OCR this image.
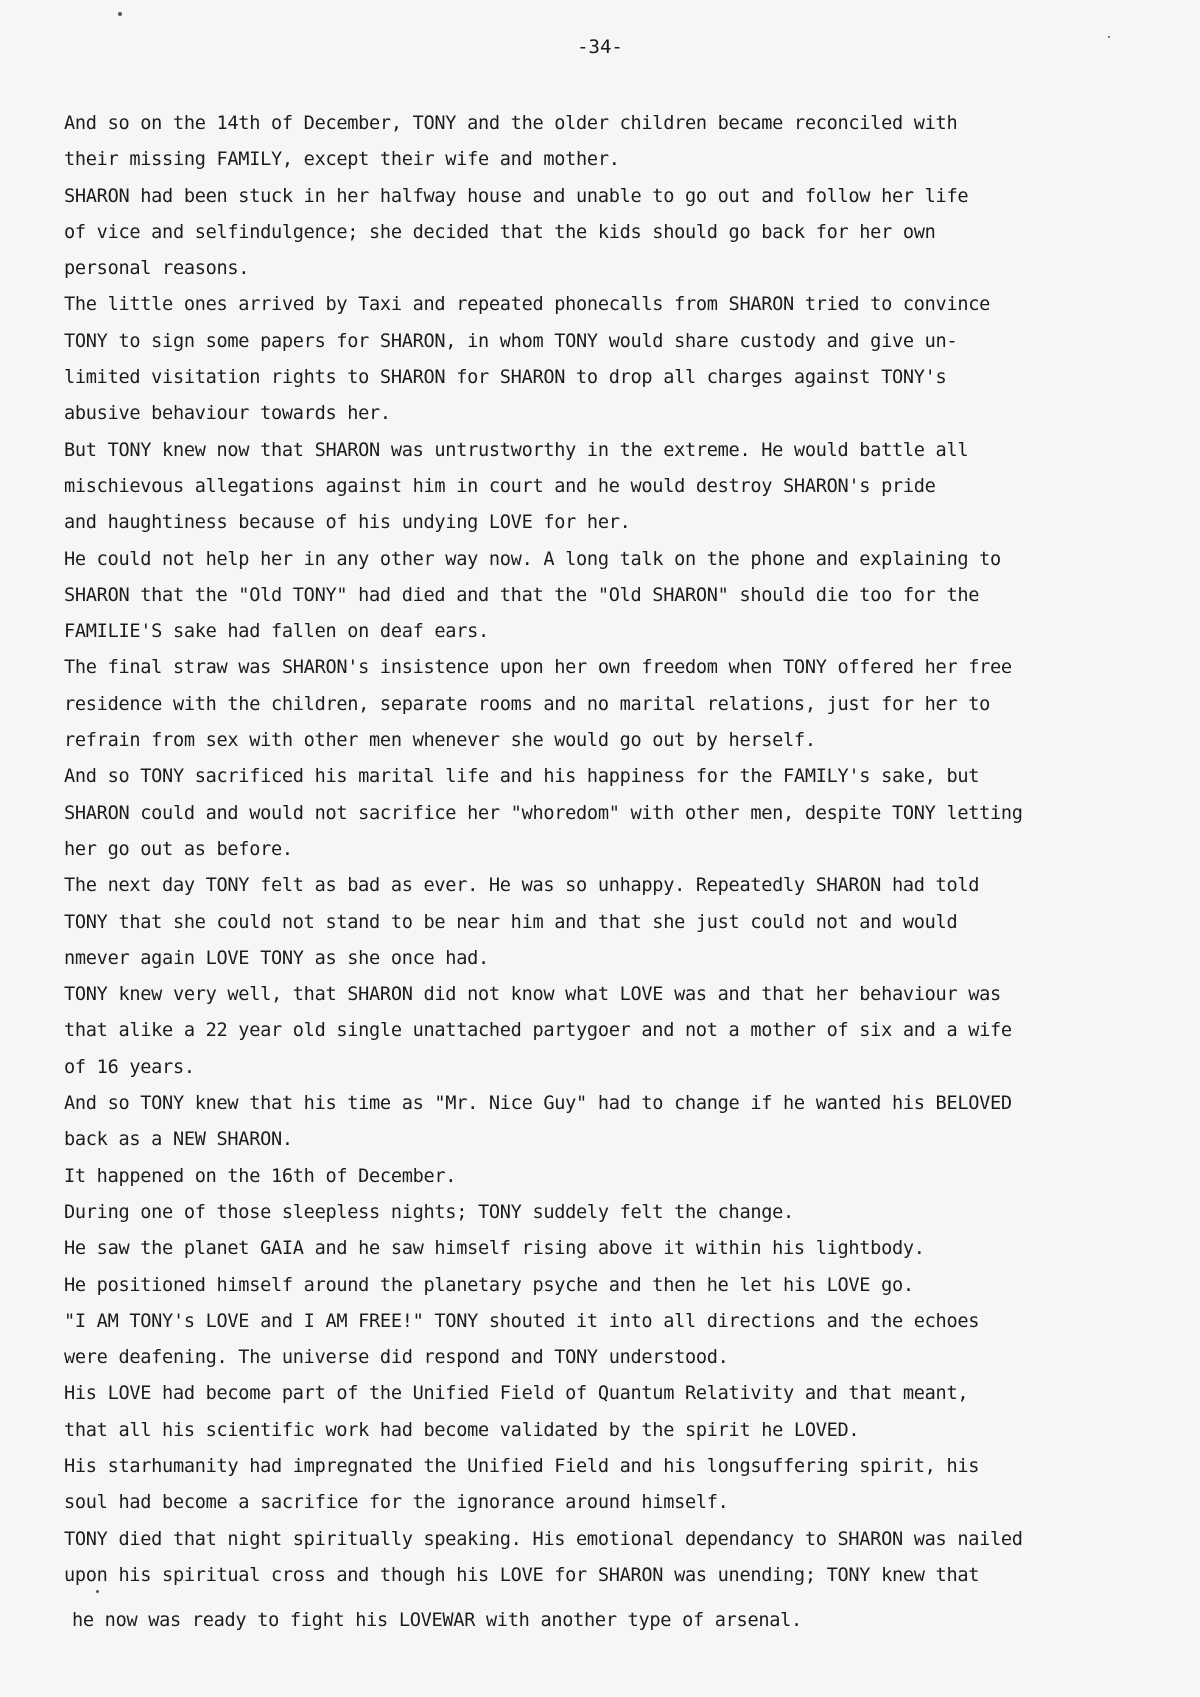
-34-
And so on the 14th of December, TONY and the older children became reconciled with
their missing FAMILY, except their wife and mother.
SHARON had been stuck in her halfway house and unable to go out and follow her life
of vice and selfindulgence; she decided that the kids should go back for her own
personal reasons.
The little ones arrived by Taxi and repeated phonecalls from SHARON tried to convince
TONY to sign some papers for SHARON, in whom TONY would share custody and give un-
limited visitation rights to SHARON for SHARON to drop all charges against TONY's
abusive behaviour towards her.
But TONY knew now that SHARON was untrustworthy in the extreme. He would battle all
mischievous allegations against him in court and he would destroy SHARON's pride
and haughtiness because of his undying LOVE for her.
He could not help her in any other way now. A long talk on the phone and explaining to
SHARON that the "Old TONY" had died and that the "Old SHARON" should die too for the
FAMILIE'S sake had fallen on deaf ears.
The final straw was SHARON's insistence upon her own freedom when TONY offered her free
residence with the children, separate rooms and no marital relations, just for her to
refrain from sex with other men whenever she would go out by herself.
And so TONY sacrificed his marital life and his happiness for the FAMILY's sake, but
SHARON could and would not sacrifice her "whoredom" with other men, despite TONY letting
her go out as before.
The next day TONY felt as bad as ever. He was so unhappy. Repeatedly SHARON had told
TONY that she could not stand to be near him and that she just could not and would
nmever again LOVE TONY as she once had.
TONY knew very well, that SHARON did not know what LOVE was and that her behaviour was
that alike a 22 year old single unattached partygoer and not a mother of six and a wife
of 16 years.
And so TONY knew that his time as "Mr. Nice Guy" had to change if he wanted his BELOVED
back as a NEW SHARON.
It happened on the 16th of December.
During one of those sleepless nights; TONY suddely felt the change.
He saw the planet GAIA and he saw himself rising above it within his lightbody.
He positioned himself around the planetary psyche and then he let his LOVE go.
"I AM TONY's LOVE and I AM FREE!" TONY shouted it into all directions and the echoes
were deafening. The universe did respond and TONY understood.
His LOVE had become part of the Unified Field of Quantum Relativity and that meant,
that all his scientific work had become validated by the spirit he LOVED.
His starhumanity had impregnated the Unified Field and his longsuffering spirit, his
soul had become a sacrifice for the ignorance around himself.
TONY died that night spiritually speaking. His emotional dependancy to SHARON was nailed
upon his spiritual cross and though his LOVE for SHARON was unending; TONY knew that
he now was ready to fight his LOVEWAR with another type of arsenal.
